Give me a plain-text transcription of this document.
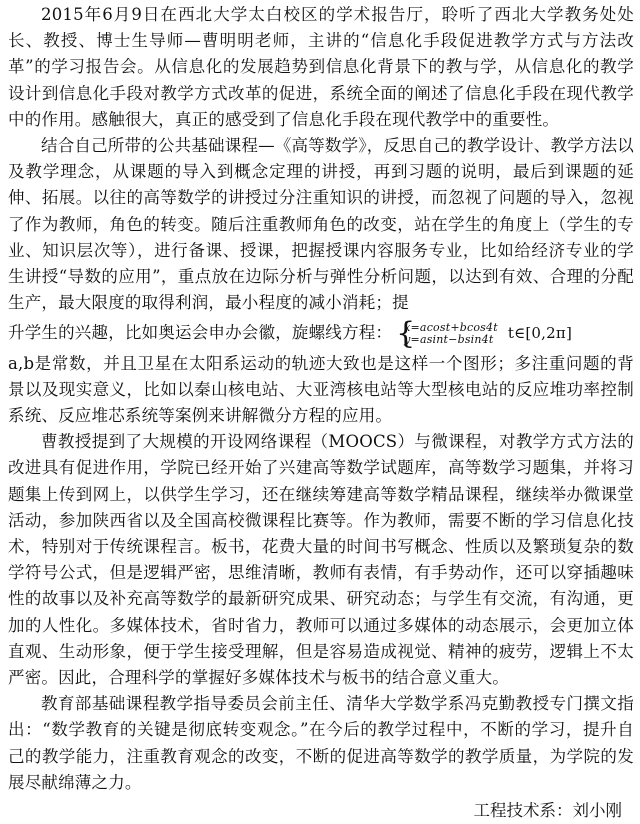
2015年6月9日在西北大学太白校区的学术报告厅，聆听了西北大学教务处处长、教授、博士生导师—曹明明老师，主讲的“信息化手段促进教学方式与方法改革”的学习报告会。从信息化的发展趋势到信息化背景下的教与学，从信息化的教学设计到信息化手段对教学方式改革的促进，系统全面的阐述了信息化手段在现代教学中的作用。感触很大，真正的感受到了信息化手段在现代教学中的重要性。

结合自己所带的公共基础课程—《高等数学》，反思自己的教学设计、教学方法以及教学理念，从课题的导入到概念定理的讲授，再到习题的说明，最后到课题的延伸、拓展。以往的高等数学的讲授过分注重知识的讲授，而忽视了问题的导入，忽视了作为教师，角色的转变。随后注重教师角色的改变，站在学生的角度上（学生的专业、知识层次等），进行备课、授课，把握授课内容服务专业，比如给经济专业的学生讲授“导数的应用”，重点放在边际分析与弹性分析问题，以达到有效、合理的分配生产，最大限度的取得利润，最小程度的减小消耗；提

升学生的兴趣，比如奥运会申办会徽，旋螺线方程： {
x=acost+bcos4t
y=asint−bsin4t t∈[0,2π]

a,b是常数，并且卫星在太阳系运动的轨迹大致也是这样一个图形；多注重问题的背景以及现实意义，比如以秦山核电站、大亚湾核电站等大型核电站的反应堆功率控制系统、反应堆芯系统等案例来讲解微分方程的应用。

曹教授提到了大规模的开设网络课程（MOOCS）与微课程，对教学方式方法的改进具有促进作用，学院已经开始了兴建高等数学试题库，高等数学习题集，并将习题集上传到网上，以供学生学习，还在继续筹建高等数学精品课程，继续举办微课堂活动，参加陕西省以及全国高校微课程比赛等。作为教师，需要不断的学习信息化技术，特别对于传统课程言。板书，花费大量的时间书写概念、性质以及繁琐复杂的数学符号公式，但是逻辑严密，思维清晰，教师有表情，有手势动作，还可以穿插趣味性的故事以及补充高等数学的最新研究成果、研究动态；与学生有交流，有沟通，更加的人性化。多媒体技术，省时省力，教师可以通过多媒体的动态展示，会更加立体直观、生动形象，便于学生接受理解，但是容易造成视觉、精神的疲劳，逻辑上不太严密。因此，合理科学的掌握好多媒体技术与板书的结合意义重大。

教育部基础课程教学指导委员会前主任、清华大学数学系冯克勤教授专门撰文指出：“数学教育的关键是彻底转变观念。”在今后的教学过程中，不断的学习，提升自己的教学能力，注重教育观念的改变，不断的促进高等数学的教学质量，为学院的发展尽献绵薄之力。

工程技术系：刘小刚
